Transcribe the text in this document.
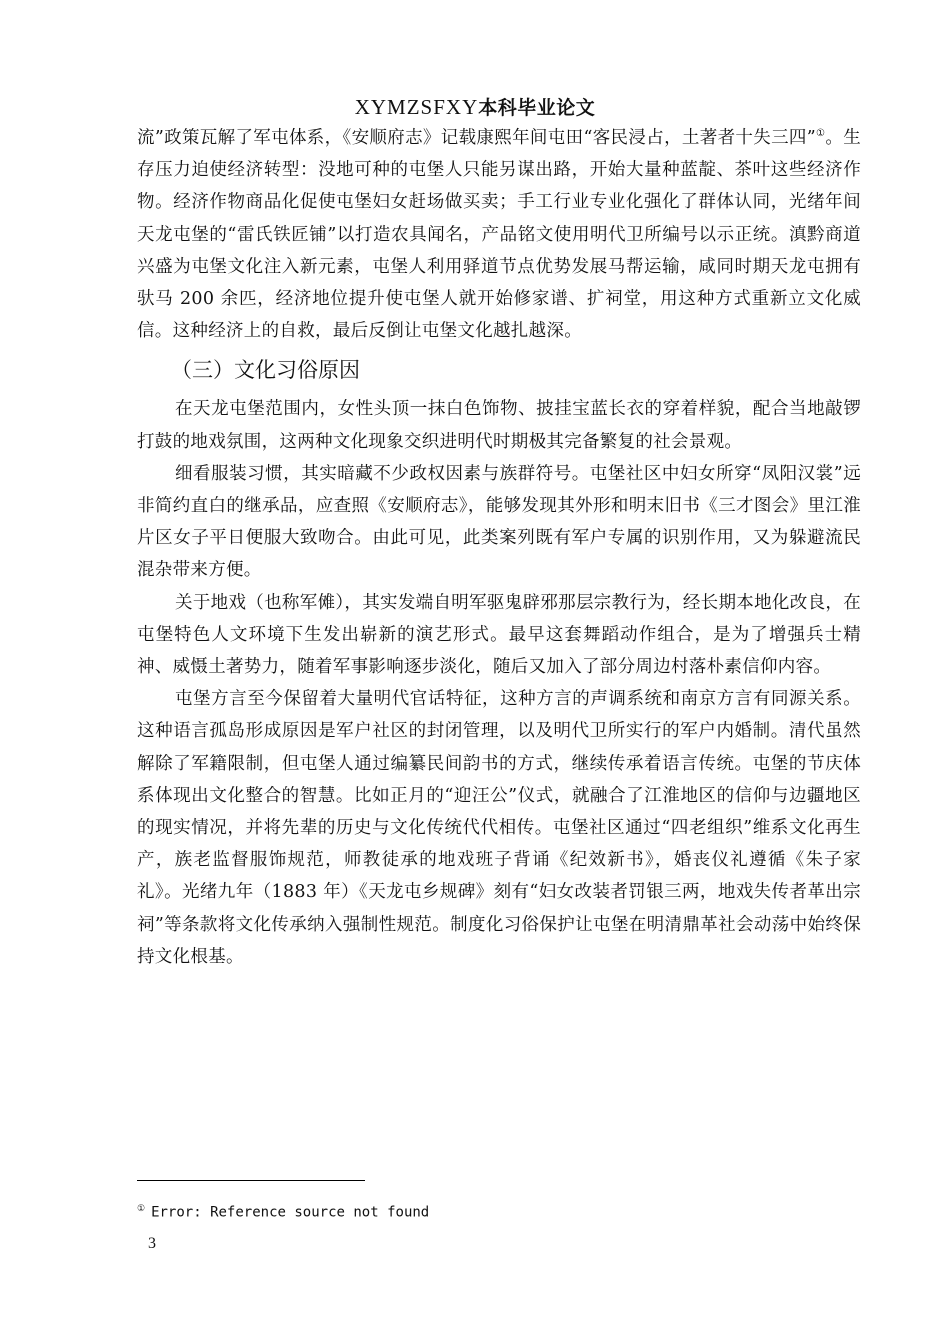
XYMZSFXY本科毕业论文

流”政策瓦解了军屯体系，《安顺府志》记载康熙年间屯田“客民浸占，土著者十失三四”①。生存压力迫使经济转型：没地可种的屯堡人只能另谋出路，开始大量种蓝靛、茶叶这些经济作物。经济作物商品化促使屯堡妇女赶场做买卖；手工行业专业化强化了群体认同，光绪年间天龙屯堡的“雷氏铁匠铺”以打造农具闻名，产品铭文使用明代卫所编号以示正统。滇黔商道兴盛为屯堡文化注入新元素，屯堡人利用驿道节点优势发展马帮运输，咸同时期天龙屯拥有驮马 200 余匹，经济地位提升使屯堡人就开始修家谱、扩祠堂，用这种方式重新立文化威信。这种经济上的自救，最后反倒让屯堡文化越扎越深。

（三）文化习俗原因

在天龙屯堡范围内，女性头顶一抹白色饰物、披挂宝蓝长衣的穿着样貌，配合当地敲锣打鼓的地戏氛围，这两种文化现象交织进明代时期极其完备繁复的社会景观。

细看服装习惯，其实暗藏不少政权因素与族群符号。屯堡社区中妇女所穿“凤阳汉裳”远非简约直白的继承品，应查照《安顺府志》，能够发现其外形和明末旧书《三才图会》里江淮片区女子平日便服大致吻合。由此可见，此类案列既有军户专属的识别作用，又为躲避流民混杂带来方便。

关于地戏（也称军傩），其实发端自明军驱鬼辟邪那层宗教行为，经长期本地化改良，在屯堡特色人文环境下生发出崭新的演艺形式。最早这套舞蹈动作组合，是为了增强兵士精神、威慑土著势力，随着军事影响逐步淡化，随后又加入了部分周边村落朴素信仰内容。

屯堡方言至今保留着大量明代官话特征，这种方言的声调系统和南京方言有同源关系。这种语言孤岛形成原因是军户社区的封闭管理，以及明代卫所实行的军户内婚制。清代虽然解除了军籍限制，但屯堡人通过编纂民间韵书的方式，继续传承着语言传统。屯堡的节庆体系体现出文化整合的智慧。比如正月的“迎汪公”仪式，就融合了江淮地区的信仰与边疆地区的现实情况，并将先辈的历史与文化传统代代相传。屯堡社区通过“四老组织”维系文化再生产，族老监督服饰规范，师教徒承的地戏班子背诵《纪效新书》，婚丧仪礼遵循《朱子家礼》。光绪九年（1883 年）《天龙屯乡规碑》刻有“妇女改装者罚银三两，地戏失传者革出宗祠”等条款将文化传承纳入强制性规范。制度化习俗保护让屯堡在明清鼎革社会动荡中始终保持文化根基。

① Error: Reference source not found
3
